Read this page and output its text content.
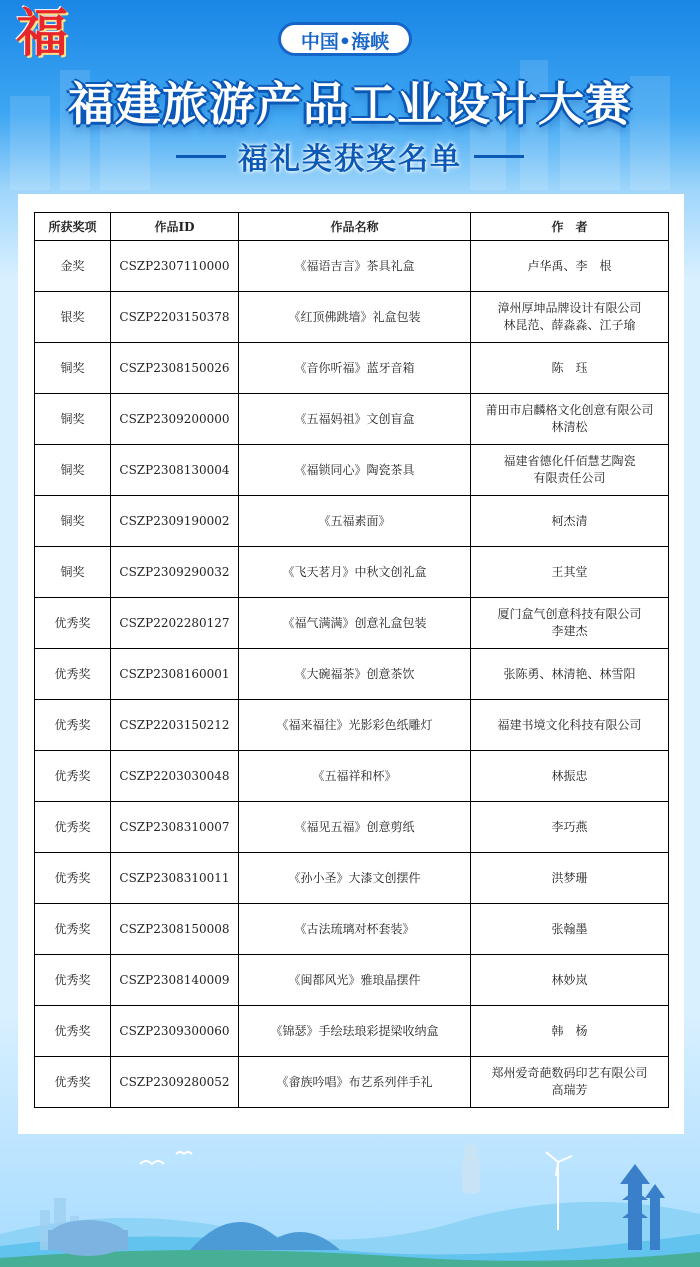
福	中国•海峡
福建旅游产品工业设计大赛
福礼类获奖名单
所获奖项	作品ID	作品名称	作　者
金奖	CSZP2307110000	《福语吉言》茶具礼盒	卢华禹、李　根
银奖	CSZP2203150378	《红顶佛跳墙》礼盒包装	漳州厚坤品牌设计有限公司
林昆范、薛淼淼、江子瑜
铜奖	CSZP2308150026	《音你听福》蓝牙音箱	陈　珏
铜奖	CSZP2309200000	《五福妈祖》文创盲盒	莆田市启麟格文化创意有限公司
林清松
铜奖	CSZP2308130004	《福锁同心》陶瓷茶具	福建省德化仟佰慧艺陶瓷
有限责任公司
铜奖	CSZP2309190002	《五福素面》	柯杰清
铜奖	CSZP2309290032	《飞天茗月》中秋文创礼盒	王其堂
优秀奖	CSZP2202280127	《福气满满》创意礼盒包装	厦门盒气创意科技有限公司
李建杰
优秀奖	CSZP2308160001	《大碗福茶》创意茶饮	张陈勇、林清艳、林雪阳
优秀奖	CSZP2203150212	《福来福往》光影彩色纸雕灯	福建书境文化科技有限公司
优秀奖	CSZP2203030048	《五福祥和杯》	林振忠
优秀奖	CSZP2308310007	《福见五福》创意剪纸	李巧燕
优秀奖	CSZP2308310011	《孙小圣》大漆文创摆件	洪梦珊
优秀奖	CSZP2308150008	《古法琉璃对杯套装》	张翰墨
优秀奖	CSZP2308140009	《闽都风光》雅琅晶摆件	林妙岚
优秀奖	CSZP2309300060	《锦瑟》手绘珐琅彩提梁收纳盒	韩　杨
优秀奖	CSZP2309280052	《畲族吟唱》布艺系列伴手礼	郑州爱奇葩数码印艺有限公司
高瑞芳
